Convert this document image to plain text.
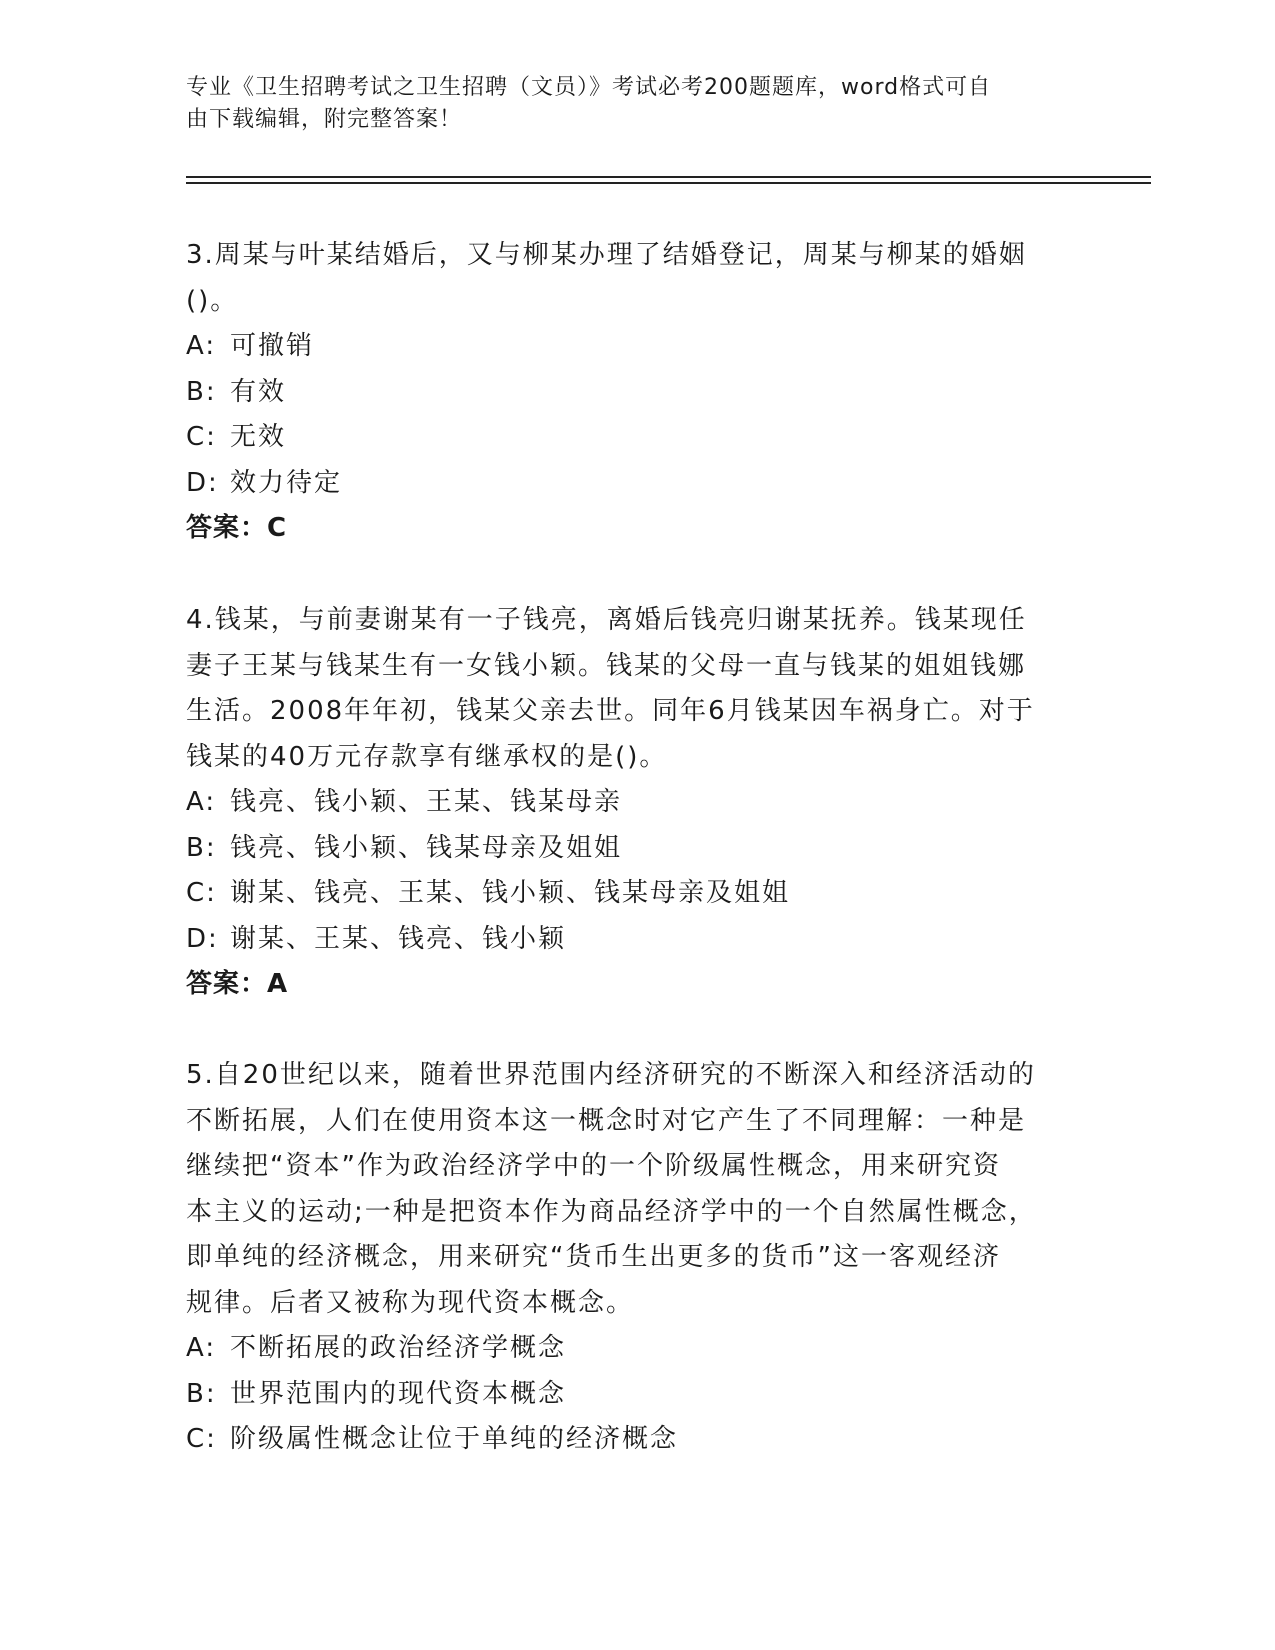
专业《卫生招聘考试之卫生招聘（文员）》考试必考200题题库，word格式可自
由下载编辑，附完整答案！
3.周某与叶某结婚后，又与柳某办理了结婚登记，周某与柳某的婚姻
()。
A: 可撤销
B: 有效
C: 无效
D: 效力待定
答案：C
4.钱某，与前妻谢某有一子钱亮，离婚后钱亮归谢某抚养。钱某现任
妻子王某与钱某生有一女钱小颖。钱某的父母一直与钱某的姐姐钱娜
生活。2008年年初，钱某父亲去世。同年6月钱某因车祸身亡。对于
钱某的40万元存款享有继承权的是()。
A: 钱亮、钱小颖、王某、钱某母亲
B: 钱亮、钱小颖、钱某母亲及姐姐
C: 谢某、钱亮、王某、钱小颖、钱某母亲及姐姐
D: 谢某、王某、钱亮、钱小颖
答案：A
5.自20世纪以来，随着世界范围内经济研究的不断深入和经济活动的
不断拓展，人们在使用资本这一概念时对它产生了不同理解：一种是
继续把“资本”作为政治经济学中的一个阶级属性概念，用来研究资
本主义的运动;一种是把资本作为商品经济学中的一个自然属性概念，
即单纯的经济概念，用来研究“货币生出更多的货币”这一客观经济
规律。后者又被称为现代资本概念。
A: 不断拓展的政治经济学概念
B: 世界范围内的现代资本概念
C: 阶级属性概念让位于单纯的经济概念
